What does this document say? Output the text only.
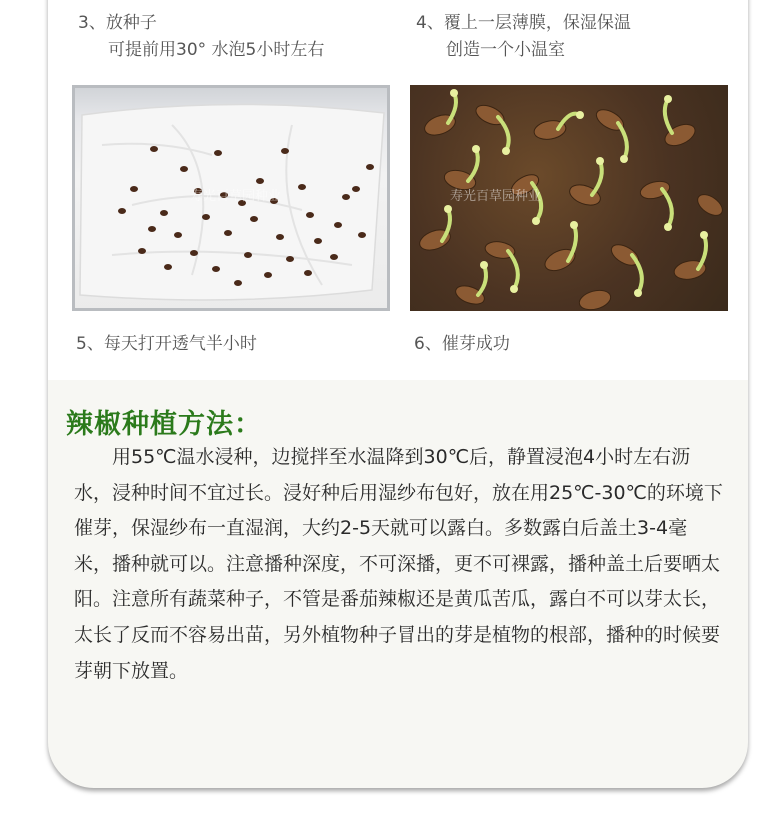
3、放种子
可提前用30° 水泡5小时左右
4、覆上一层薄膜，保湿保温
创造一个小温室
寿光百草园种业	寿光百草园种业
5、每天打开透气半小时	6、催芽成功
辣椒种植方法：

用55℃温水浸种，边搅拌至水温降到30℃后，静置浸泡4小时左右沥水，浸种时间不宜过长。浸好种后用湿纱布包好，放在用25℃-30℃的环境下催芽，保湿纱布一直湿润，大约2-5天就可以露白。多数露白后盖土3-4毫米，播种就可以。注意播种深度，不可深播，更不可裸露，播种盖土后要晒太阳。注意所有蔬菜种子，不管是番茄辣椒还是黄瓜苦瓜，露白不可以芽太长，太长了反而不容易出苗，另外植物种子冒出的芽是植物的根部，播种的时候要芽朝下放置。
